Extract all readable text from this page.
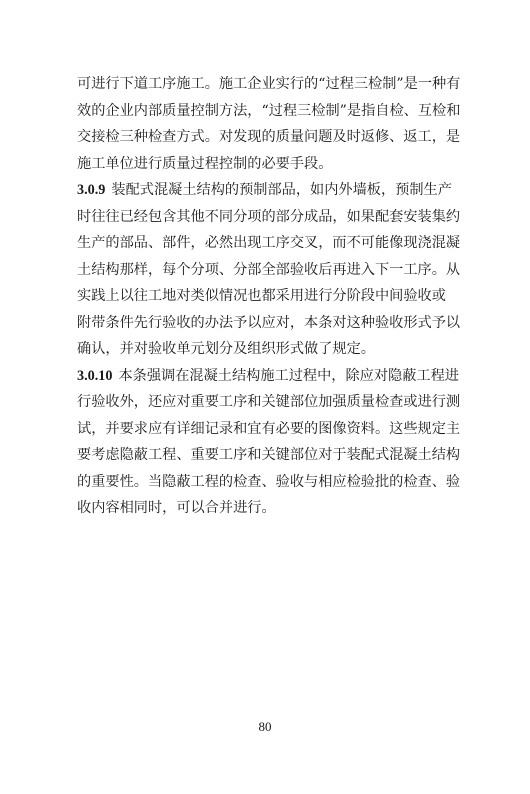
可进行下道工序施工。施工企业实行的“过程三检制”是一种有
效的企业内部质量控制方法，“过程三检制”是指自检、互检和
交接检三种检查方式。对发现的质量问题及时返修、返工，是
施工单位进行质量过程控制的必要手段。
3.0.9 装配式混凝土结构的预制部品，如内外墙板，预制生产
时往往已经包含其他不同分项的部分成品，如果配套安装集约
生产的部品、部件，必然出现工序交叉，而不可能像现浇混凝
土结构那样，每个分项、分部全部验收后再进入下一工序。从
实践上以往工地对类似情况也都采用进行分阶段中间验收或
附带条件先行验收的办法予以应对，本条对这种验收形式予以
确认，并对验收单元划分及组织形式做了规定。
3.0.10 本条强调在混凝土结构施工过程中，除应对隐蔽工程进
行验收外，还应对重要工序和关键部位加强质量检查或进行测
试，并要求应有详细记录和宜有必要的图像资料。这些规定主
要考虑隐蔽工程、重要工序和关键部位对于装配式混凝土结构
的重要性。当隐蔽工程的检查、验收与相应检验批的检查、验
收内容相同时，可以合并进行。
80
